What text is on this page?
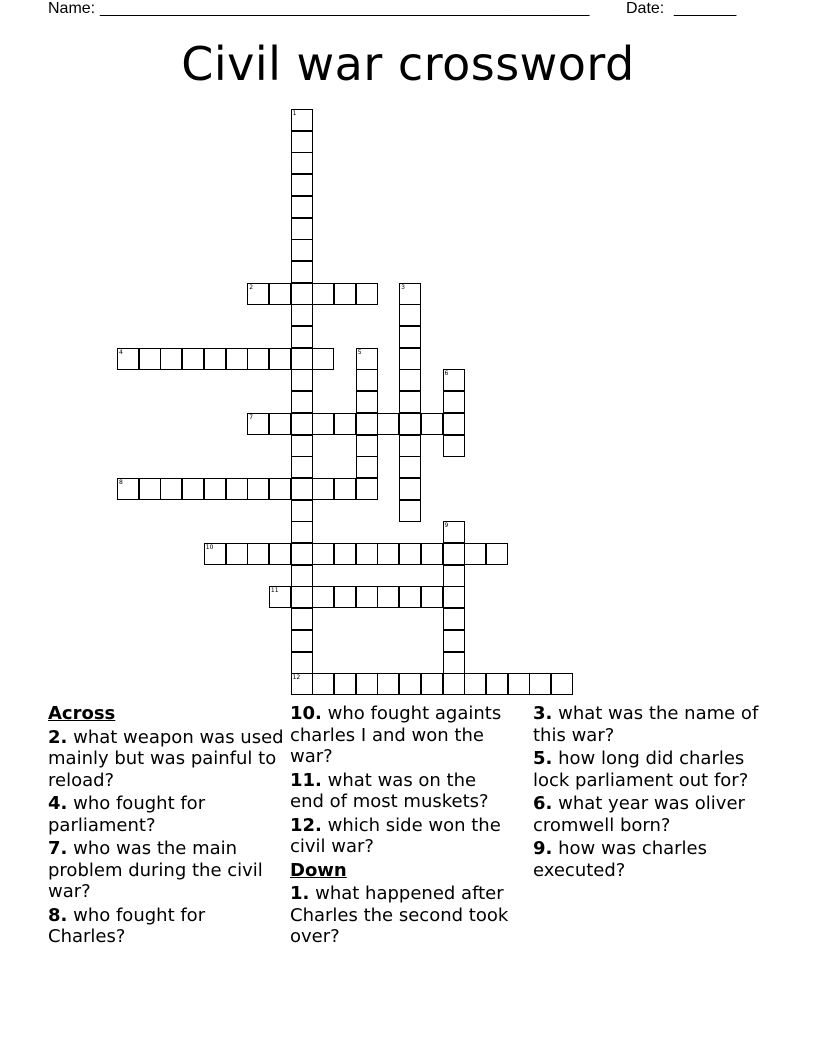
Name: _______________________________________________________ Date: _______
Civil war crossword
1
2	3
4	5
6
7
8
9
10
11
12
Across
2. what weapon was used mainly but was painful to reload?
4. who fought for parliament?
7. who was the main problem during the civil war?
8. who fought for Charles?
10. who fought againts charles I and won the war?
11. what was on the end of most muskets?
12. which side won the civil war?
Down
1. what happened after Charles the second took over?
3. what was the name of this war?
5. how long did charles lock parliament out for?
6. what year was oliver cromwell born?
9. how was charles executed?
